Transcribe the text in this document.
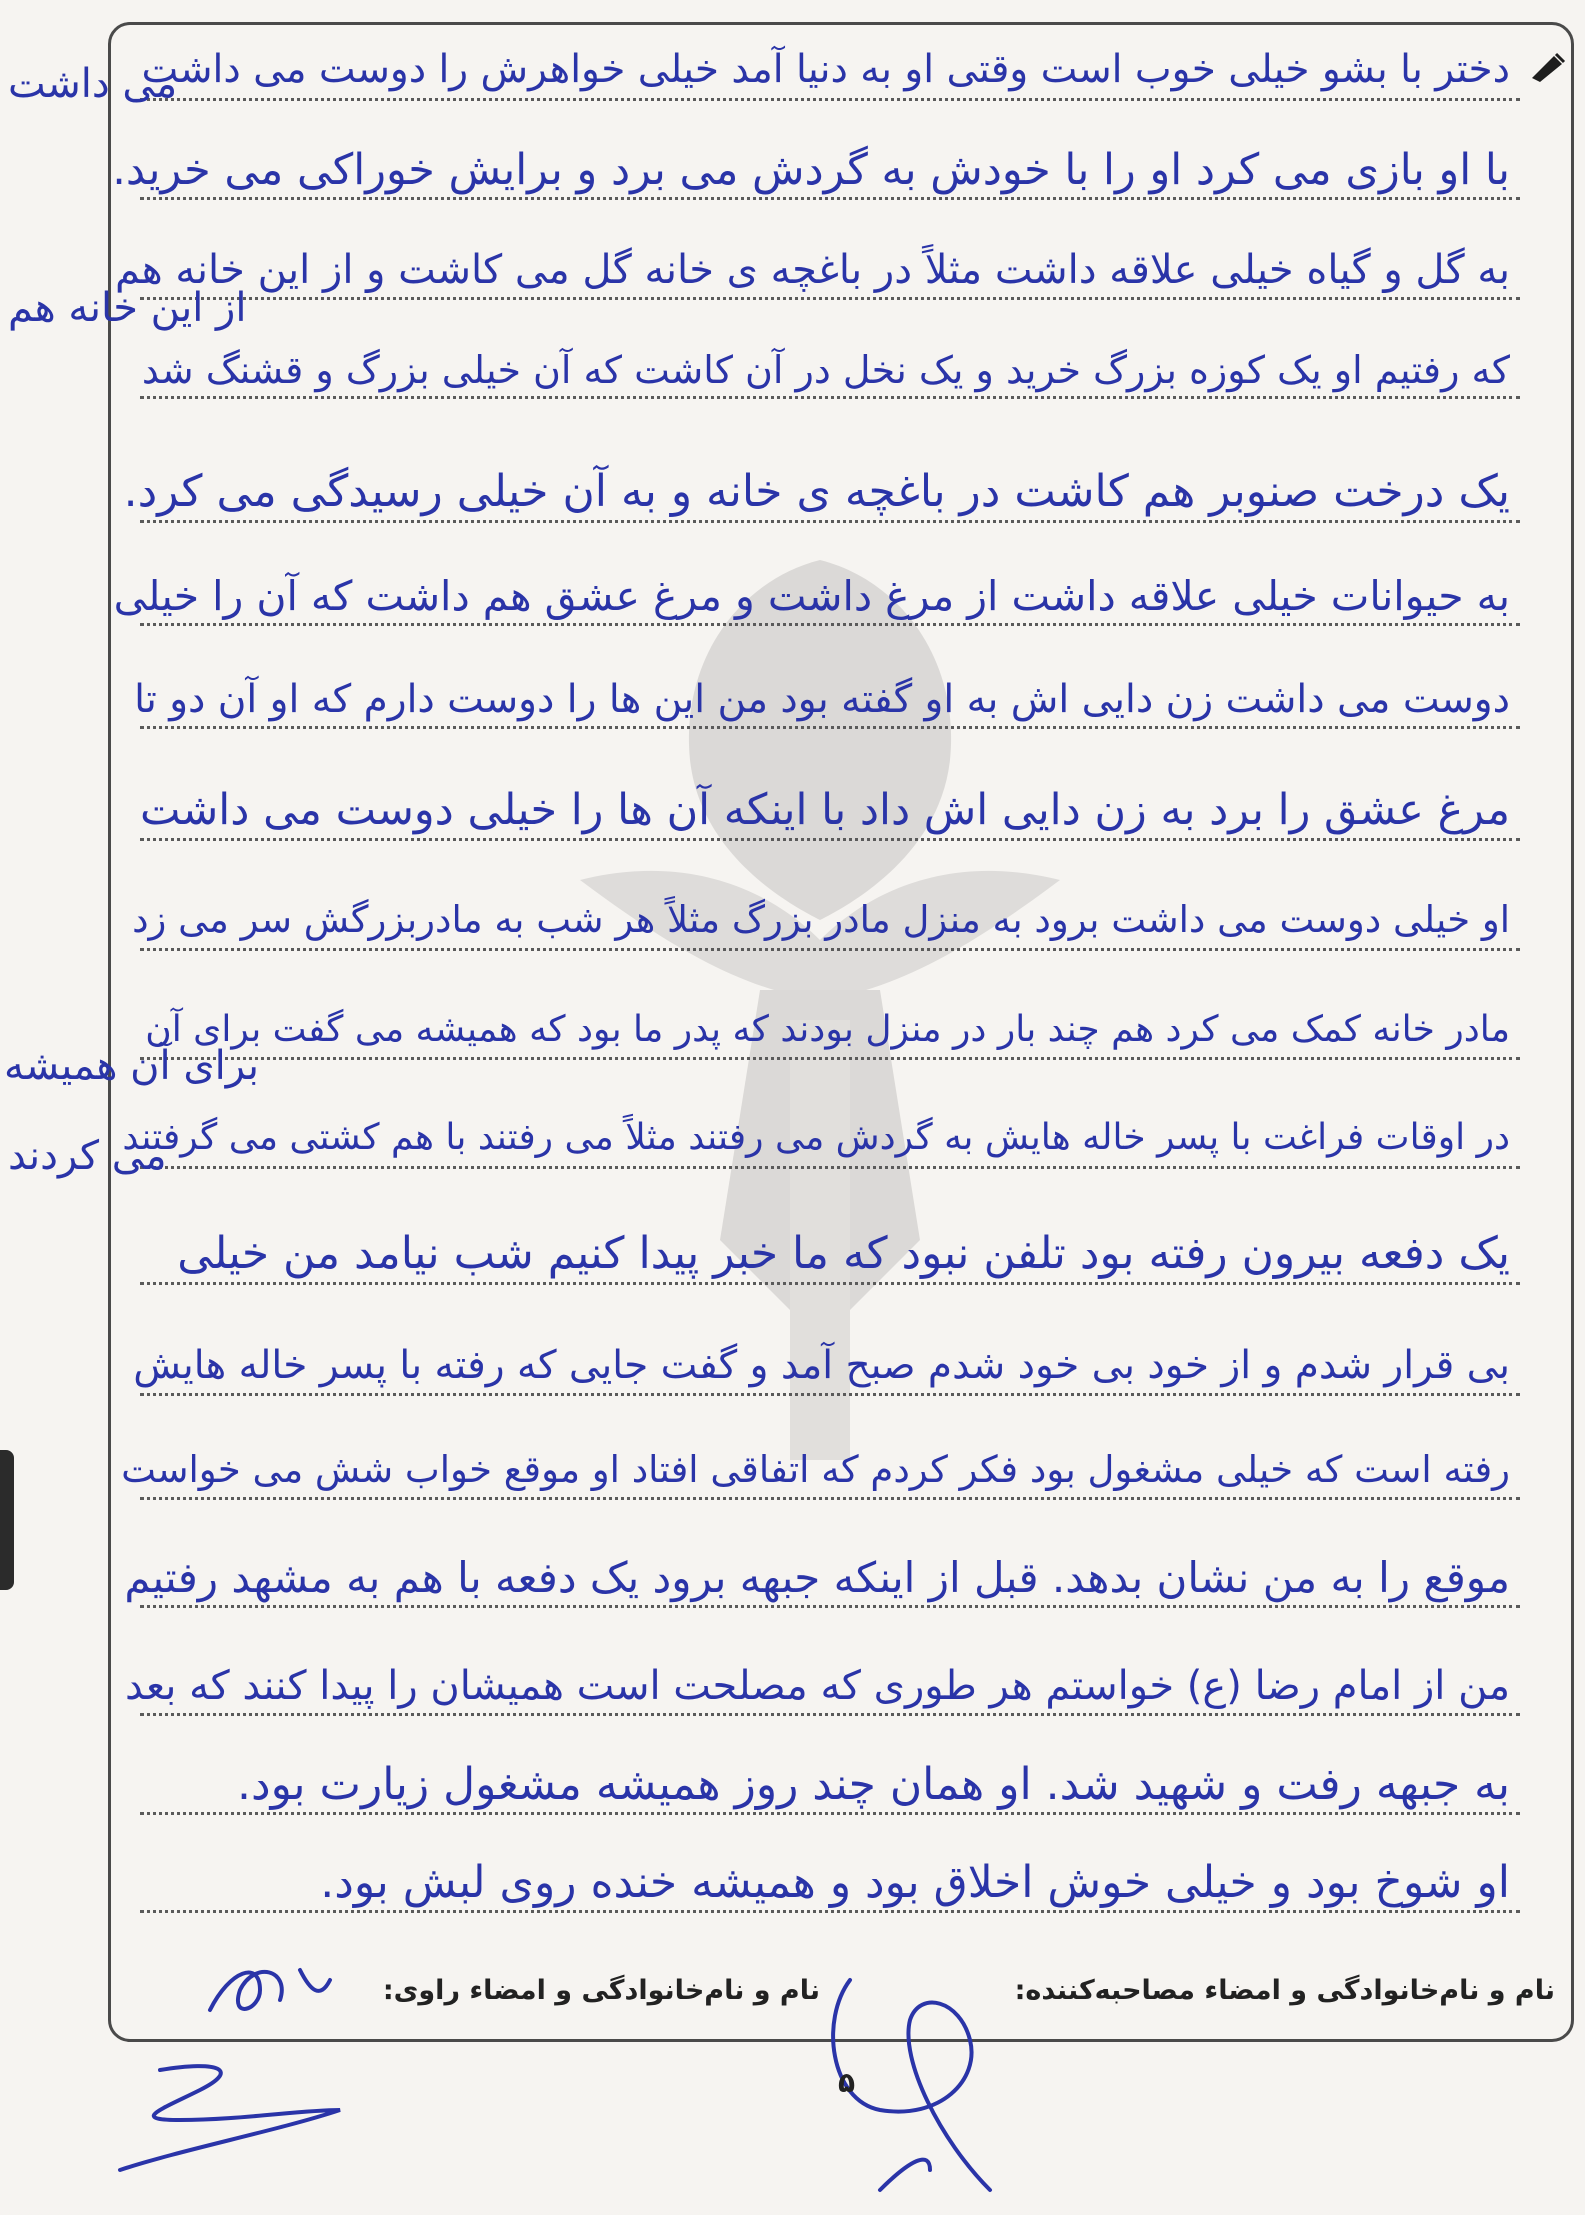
دختر با بشو خیلی خوب است وقتی او به دنیا آمد خیلی خواهرش را دوست می داشت
با او بازی می کرد او را با خودش به گردش می برد و برایش خوراکی می خرید.
به گل و گیاه خیلی علاقه داشت مثلاً در باغچه ی خانه گل می کاشت و از این خانه هم
که رفتیم او یک کوزه بزرگ خرید و یک نخل در آن کاشت که آن خیلی بزرگ و قشنگ شد
یک درخت صنوبر هم کاشت در باغچه ی خانه و به آن خیلی رسیدگی می کرد.
به حیوانات خیلی علاقه داشت از مرغ داشت و مرغ عشق هم داشت که آن را خیلی
دوست می داشت زن دایی اش به او گفته بود من این ها را دوست دارم که او آن دو تا
مرغ عشق را برد به زن دایی اش داد با اینکه آن ها را خیلی دوست می داشت
او خیلی دوست می داشت برود به منزل مادر بزرگ مثلاً هر شب به مادربزرگش سر می زد
مادر خانه کمک می کرد هم چند بار در منزل بودند که پدر ما بود که همیشه می گفت برای آن
در اوقات فراغت با پسر خاله هایش به گردش می رفتند مثلاً می رفتند با هم کشتی می گرفتند
یک دفعه بیرون رفته بود تلفن نبود که ما خبر پیدا کنیم شب نیامد من خیلی
بی قرار شدم و از خود بی خود شدم صبح آمد و گفت جایی که رفته با پسر خاله هایش
رفته است که خیلی مشغول بود فکر کردم که اتفاقی افتاد او موقع خواب شش می خواست
موقع را به من نشان بدهد. قبل از اینکه جبهه برود یک دفعه با هم به مشهد رفتیم
من از امام رضا (ع) خواستم هر طوری که مصلحت است همیشان را پیدا کنند که بعد
به جبهه رفت و شهید شد. او همان چند روز همیشه مشغول زیارت بود.
او شوخ بود و خیلی خوش اخلاق بود و همیشه خنده روی لبش بود.
می داشت
از این خانه هم
برای آن همیشه
می کردند
نام و نام‌خانوادگی و امضاء مصاحبه‌کننده:
نام و نام‌خانوادگی و امضاء راوی:
۵
